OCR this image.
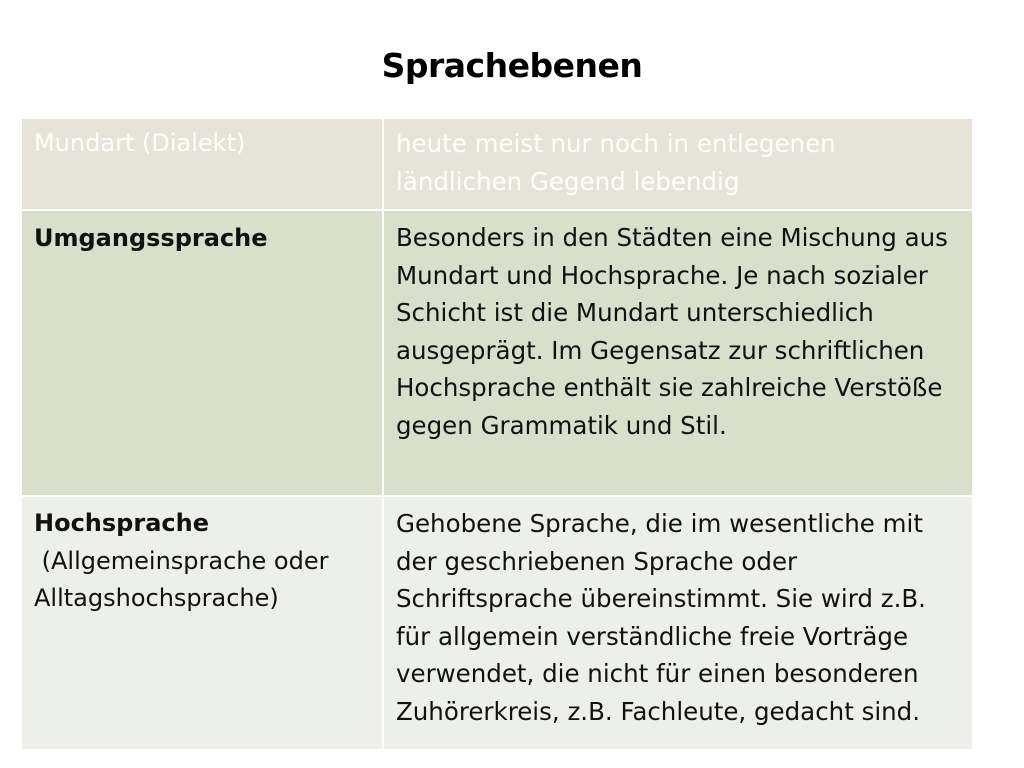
Sprachebenen
Mundart (Dialekt)	heute meist nur noch in entlegenen ländlichen Gegend lebendig
Umgangssprache	Besonders in den Städten eine Mischung aus Mundart und Hochsprache. Je nach sozialer Schicht ist die Mundart unterschiedlich ausgeprägt. Im Gegensatz zur schriftlichen Hochsprache enthält sie zahlreiche Verstöße gegen Grammatik und Stil.

Hochsprache
(Allgemeinsprache oder Alltagshochsprache)	Gehobene Sprache, die im wesentliche mit der geschriebenen Sprache oder Schriftsprache übereinstimmt. Sie wird z.B. für allgemein verständliche freie Vorträge verwendet, die nicht für einen besonderen Zuhörerkreis, z.B. Fachleute, gedacht sind.
